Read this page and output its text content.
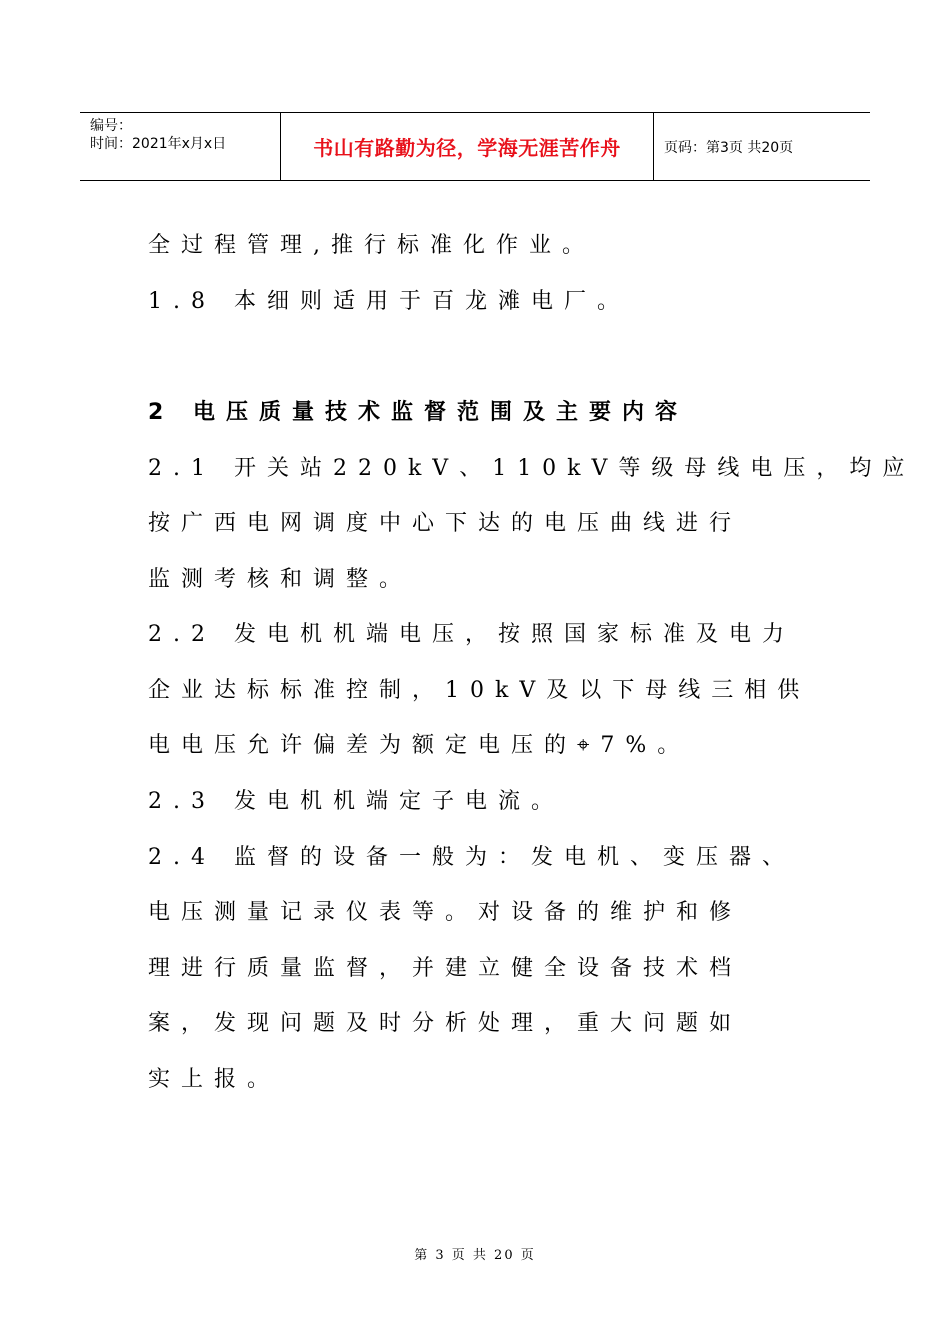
编号：
时间：2021年x月x日	书山有路勤为径，学海无涯苦作舟	页码：第3页 共20页
全过程管理,推行标准化作业。
1.8 本细则适用于百龙滩电厂。
2 电压质量技术监督范围及主要内容
2.1 开关站220kV、110kV等级母线电压，均应
按广西电网调度中心下达的电压曲线进行
监测考核和调整。
2.2 发电机机端电压，按照国家标准及电力
企业达标标准控制，10kV及以下母线三相供
电电压允许偏差为额定电压的⌖7%。
2.3 发电机机端定子电流。
2.4 监督的设备一般为：发电机、变压器、
电压测量记录仪表等。对设备的维护和修
理进行质量监督，并建立健全设备技术档
案，发现问题及时分析处理，重大问题如
实上报。
第 3 页 共 20 页
